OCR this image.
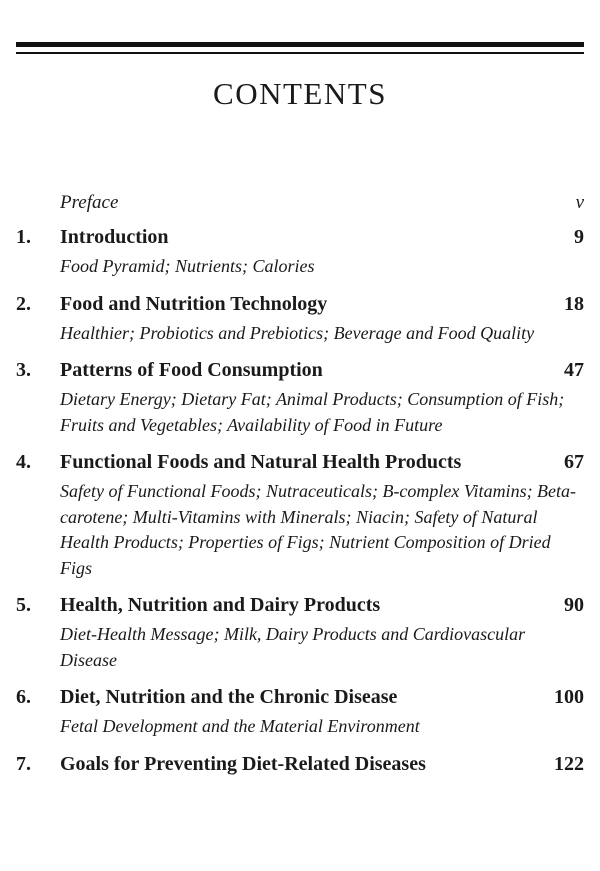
CONTENTS
Preface	v
1. Introduction	9
Food Pyramid; Nutrients; Calories
2. Food and Nutrition Technology	18
Healthier; Probiotics and Prebiotics; Beverage and Food Quality
3. Patterns of Food Consumption	47
Dietary Energy; Dietary Fat; Animal Products; Consumption of Fish; Fruits and Vegetables; Availability of Food in Future
4. Functional Foods and Natural Health Products	67
Safety of Functional Foods; Nutraceuticals; B-complex Vitamins; Beta-carotene; Multi-Vitamins with Minerals; Niacin; Safety of Natural Health Products; Properties of Figs; Nutrient Composition of Dried Figs
5. Health, Nutrition and Dairy Products	90
Diet-Health Message; Milk, Dairy Products and Cardiovascular Disease
6. Diet, Nutrition and the Chronic Disease	100
Fetal Development and the Material Environment
7. Goals for Preventing Diet-Related Diseases	122
